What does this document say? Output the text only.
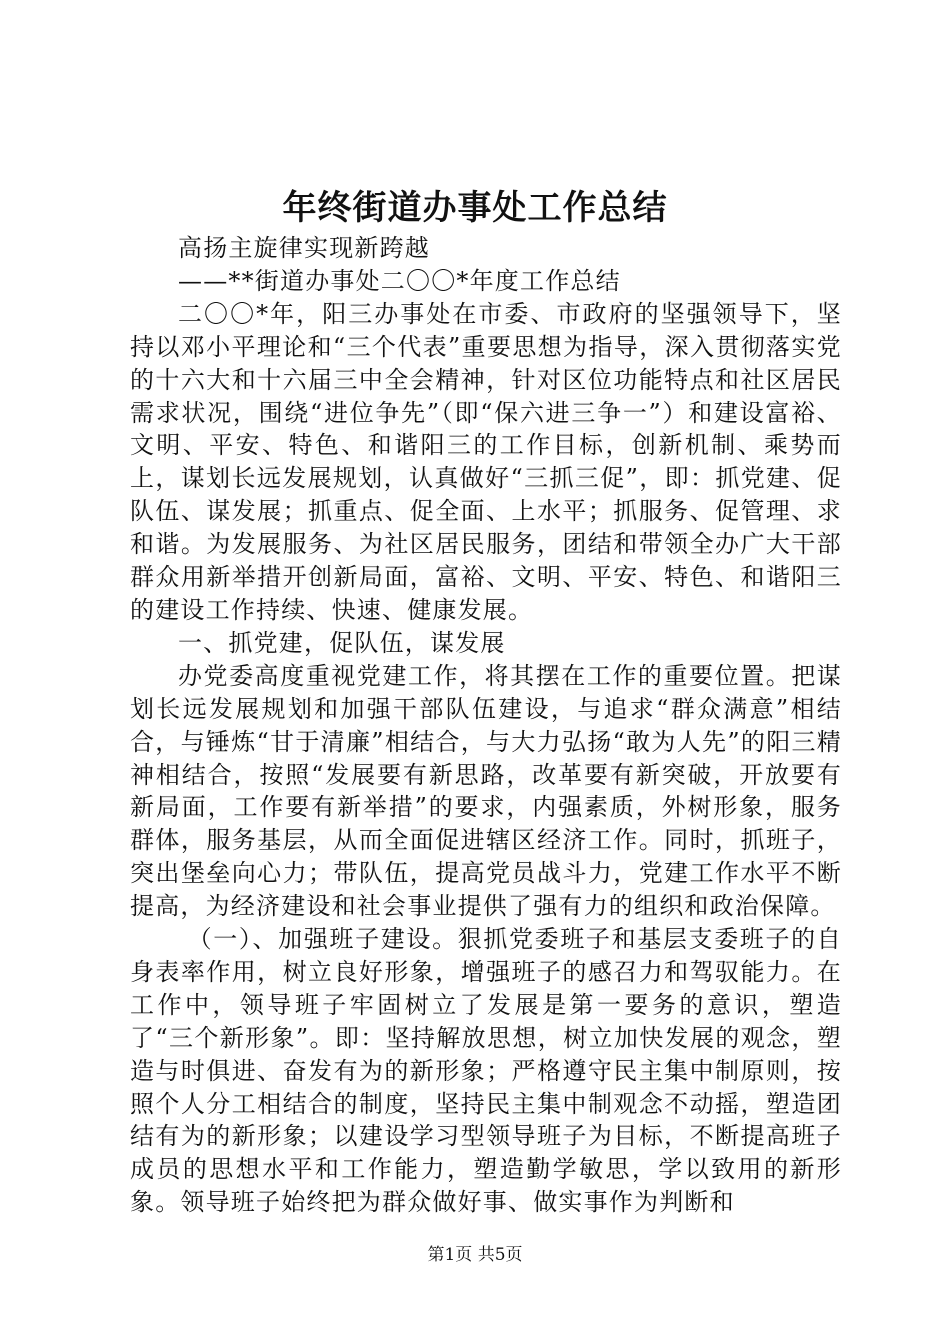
年终街道办事处工作总结

高扬主旋律实现新跨越

——**街道办事处二〇〇*年度工作总结

二〇〇*年，阳三办事处在市委、市政府的坚强领导下，坚持以邓小平理论和“三个代表”重要思想为指导，深入贯彻落实党的十六大和十六届三中全会精神，针对区位功能特点和社区居民需求状况，围绕“进位争先”（即“保六进三争一”）和建设富裕、文明、平安、特色、和谐阳三的工作目标，创新机制、乘势而上，谋划长远发展规划，认真做好“三抓三促”，即：抓党建、促队伍、谋发展；抓重点、促全面、上水平；抓服务、促管理、求和谐。为发展服务、为社区居民服务，团结和带领全办广大干部群众用新举措开创新局面，富裕、文明、平安、特色、和谐阳三的建设工作持续、快速、健康发展。

一、抓党建，促队伍，谋发展

办党委高度重视党建工作，将其摆在工作的重要位置。把谋划长远发展规划和加强干部队伍建设，与追求“群众满意”相结合，与锤炼“甘于清廉”相结合，与大力弘扬“敢为人先”的阳三精神相结合，按照“发展要有新思路，改革要有新突破，开放要有新局面，工作要有新举措”的要求，内强素质，外树形象，服务群体，服务基层，从而全面促进辖区经济工作。同时，抓班子，突出堡垒向心力；带队伍，提高党员战斗力，党建工作水平不断提高，为经济建设和社会事业提供了强有力的组织和政治保障。

（一）、加强班子建设。狠抓党委班子和基层支委班子的自身表率作用，树立良好形象，增强班子的感召力和驾驭能力。在工作中，领导班子牢固树立了发展是第一要务的意识，塑造了“三个新形象”。即：坚持解放思想，树立加快发展的观念，塑造与时俱进、奋发有为的新形象；严格遵守民主集中制原则，按照个人分工相结合的制度，坚持民主集中制观念不动摇，塑造团结有为的新形象；以建设学习型领导班子为目标，不断提高班子成员的思想水平和工作能力，塑造勤学敏思，学以致用的新形象。领导班子始终把为群众做好事、做实事作为判断和

第1页 共5页
